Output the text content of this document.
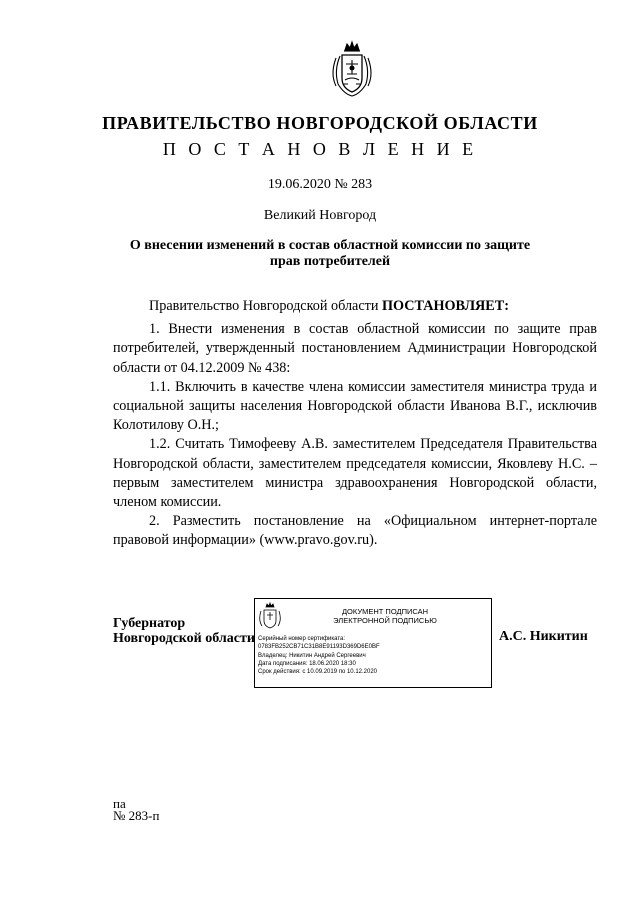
ПРАВИТЕЛЬСТВО НОВГОРОДСКОЙ ОБЛАСТИ
П О С Т А Н О В Л Е Н И Е
19.06.2020 № 283
Великий Новгород
О внесении изменений в состав областной комиссии по защите прав потребителей

Правительство Новгородской области ПОСТАНОВЛЯЕТ:

1. Внести изменения в состав областной комиссии по защите прав потребителей, утвержденный постановлением Администрации Новгородской области от 04.12.2009 № 438:

1.1. Включить в качестве члена комиссии заместителя министра труда и социальной защиты населения Новгородской области Иванова В.Г., исключив Колотилову О.Н.;

1.2. Считать Тимофееву А.В. заместителем Председателя Правительства Новгородской области, заместителем председателя комиссии, Яковлеву Н.С. – первым заместителем министра здравоохранения Новгородской области, членом комиссии.

2. Разместить постановление на «Официальном интернет-портале правовой информации» (www.pravo.gov.ru).

Губернатор
Новгородской области
ДОКУМЕНТ ПОДПИСАН
ЭЛЕКТРОННОЙ ПОДПИСЬЮ
Серийный номер сертификата:
0783FB252CB71C31B8E91193D369D6E0BF
Владелец: Никитин Андрей Сергеевич
Дата подписания: 18.06.2020 18:30
Срок действия: с 10.09.2019 по 10.12.2020
А.С. Никитин
па
№ 283-п
